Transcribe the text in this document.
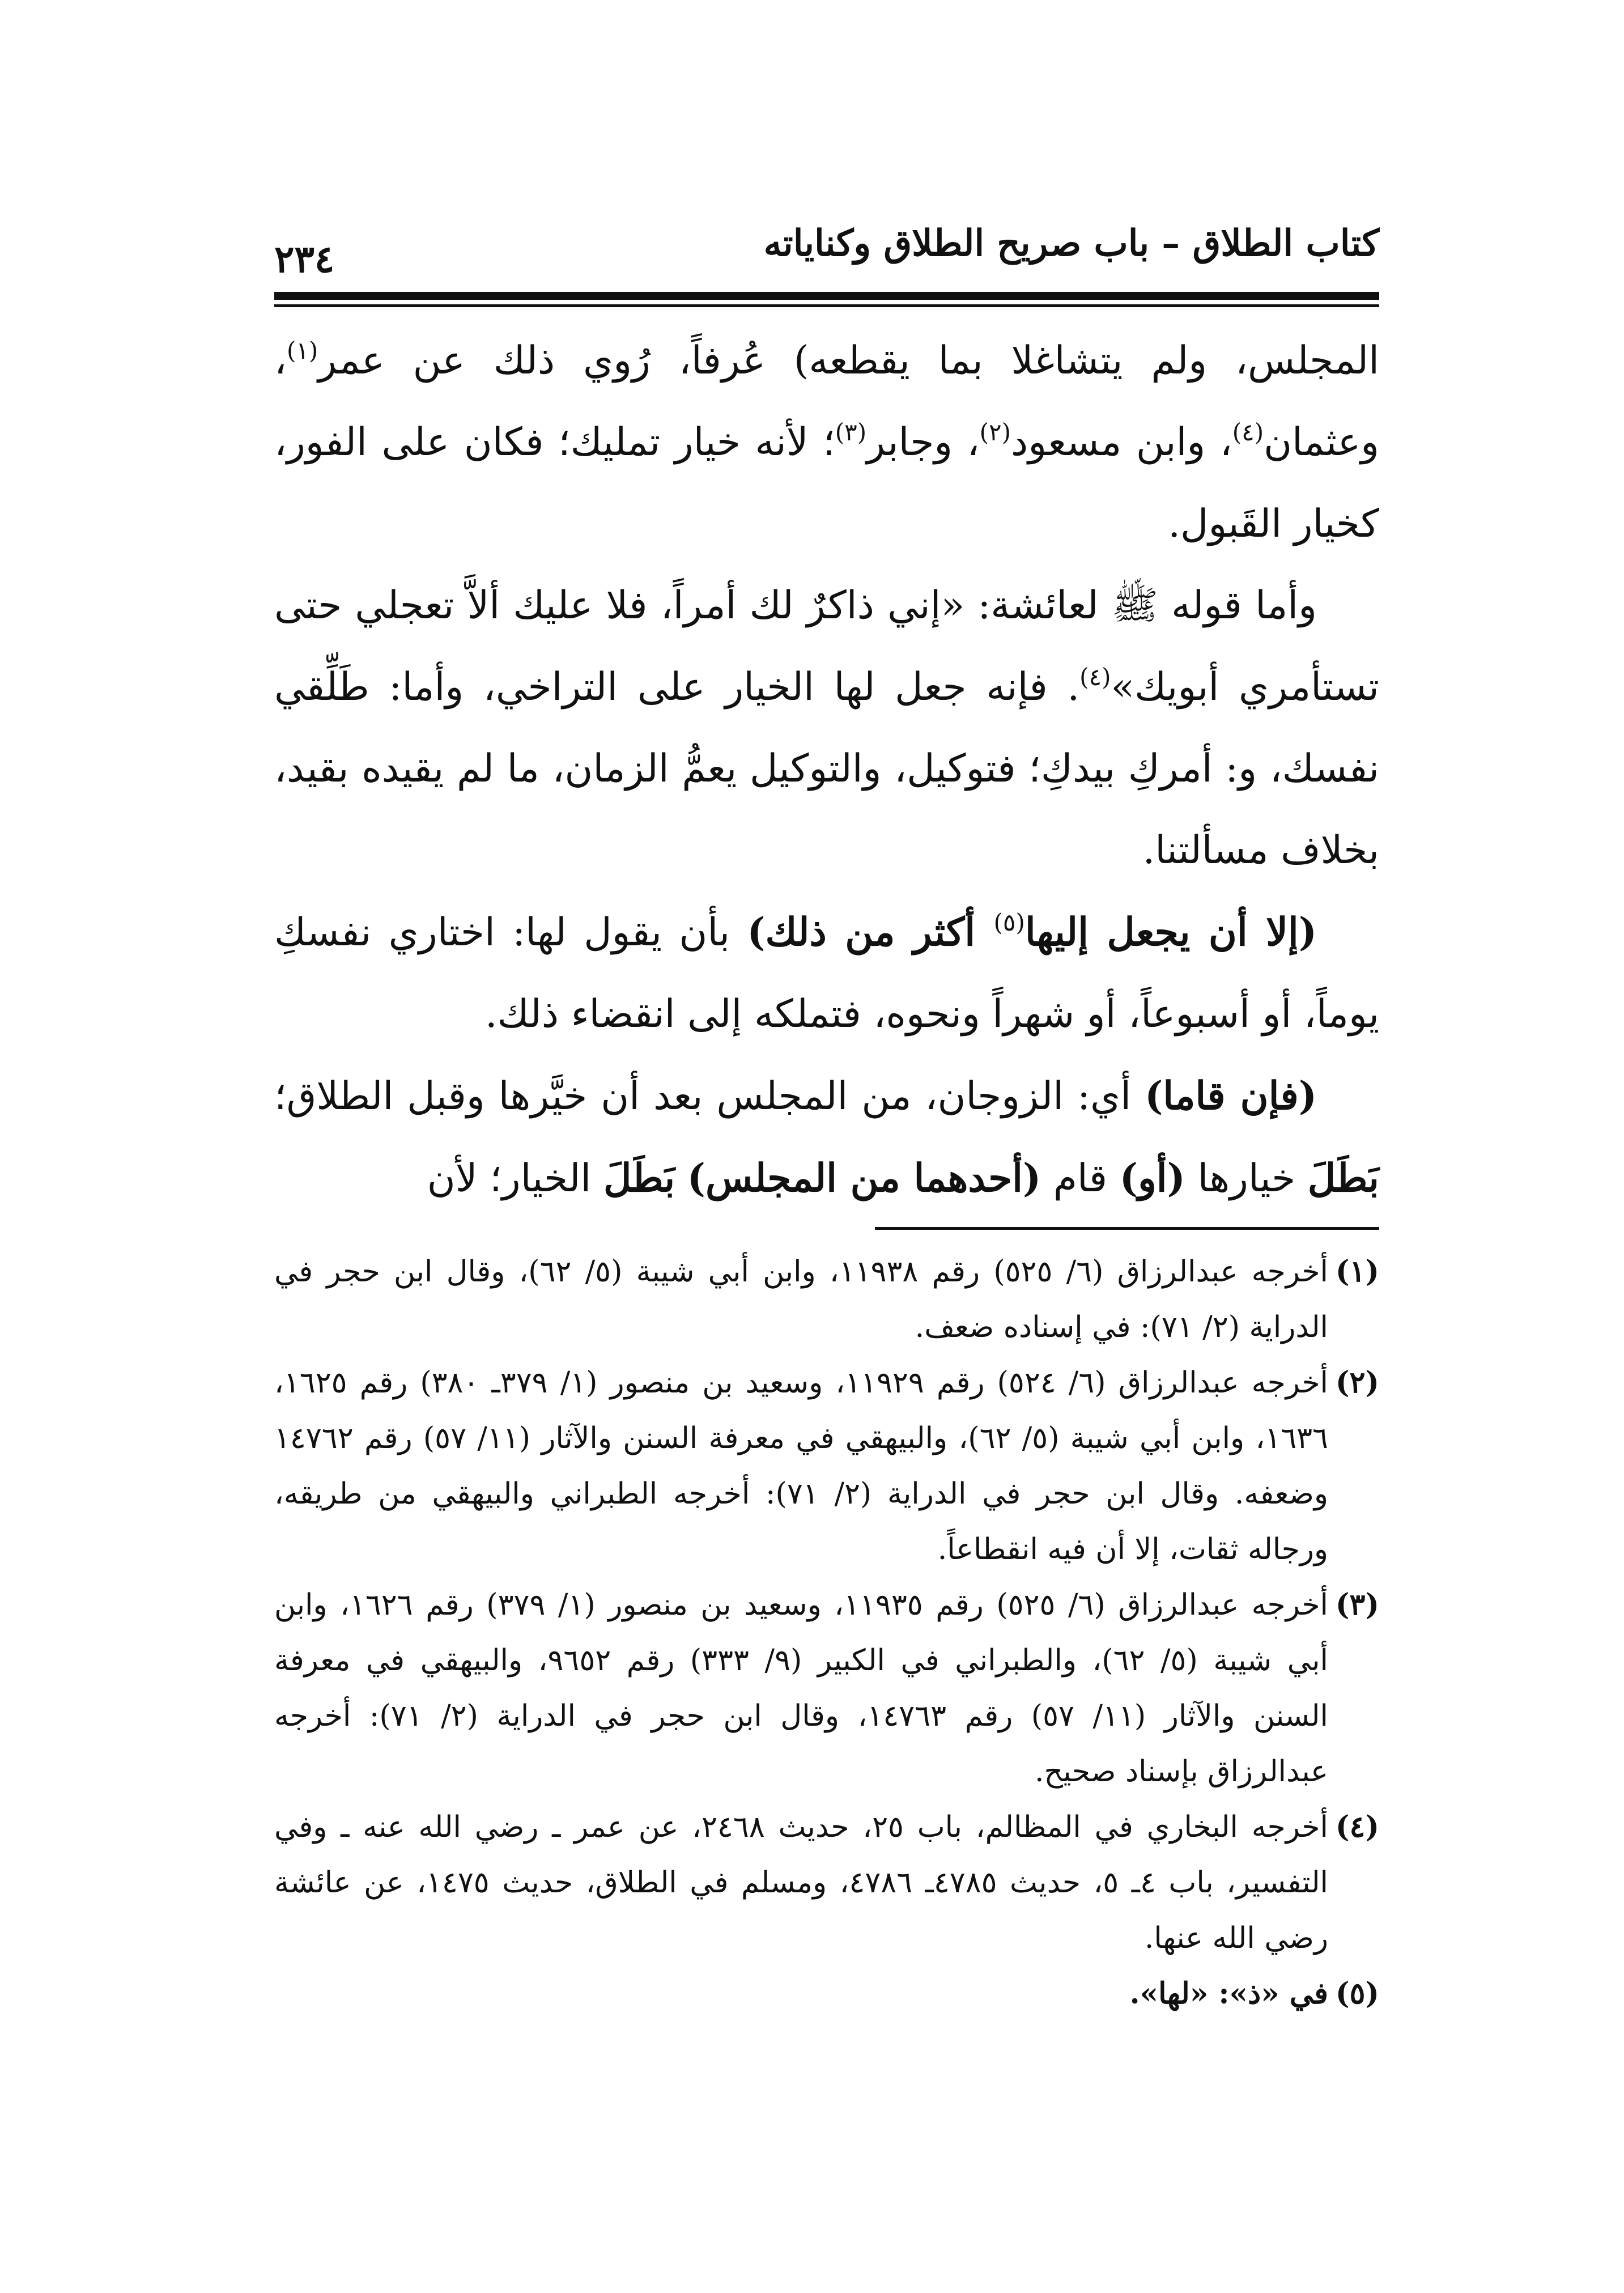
كتاب الطلاق – باب صريح الطلاق وكناياته
٢٣٤

المجلس، ولم يتشاغلا بما يقطعه) عُرفاً، رُوي ذلك عن عمر$^{(١)}$، وعثمان$^{(٤)}$، وابن مسعود$^{(٢)}$، وجابر$^{(٣)}$؛ لأنه خيار تمليك؛ فكان على الفور، كخيار القَبول.

وأما قوله ﷺ لعائشة: «إني ذاكرٌ لك أمراً، فلا عليك ألاَّ تعجلي حتى تستأمري أبويك»$^{(٤)}$. فإنه جعل لها الخيار على التراخي، وأما: طَلِّقي نفسك، و: أمركِ بيدكِ؛ فتوكيل، والتوكيل يعمُّ الزمان، ما لم يقيده بقيد، بخلاف مسألتنا.

(إلا أن يجعل إليها$^{(٥)}$ أكثر من ذلك) بأن يقول لها: اختاري نفسكِ يوماً، أو أسبوعاً، أو شهراً ونحوه، فتملكه إلى انقضاء ذلك.

(فإن قاما) أي: الزوجان، من المجلس بعد أن خيَّرها وقبل الطلاق؛ بَطَلَ خيارها (أو) قام (أحدهما من المجلس) بَطَلَ الخيار؛ لأن

(١)
أخرجه عبدالرزاق (٦/ ٥٢٥) رقم ١١٩٣٨، وابن أبي شيبة (٥/ ٦٢)، وقال ابن حجر في الدراية (٢/ ٧١): في إسناده ضعف.
(٢)
أخرجه عبدالرزاق (٦/ ٥٢٤) رقم ١١٩٢٩، وسعيد بن منصور (١/ ٣٧٩ـ ٣٨٠) رقم ١٦٢٥، ١٦٣٦، وابن أبي شيبة (٥/ ٦٢)، والبيهقي في معرفة السنن والآثار (١١/ ٥٧) رقم ١٤٧٦٢ وضعفه. وقال ابن حجر في الدراية (٢/ ٧١): أخرجه الطبراني والبيهقي من طريقه، ورجاله ثقات، إلا أن فيه انقطاعاً.
(٣)
أخرجه عبدالرزاق (٦/ ٥٢٥) رقم ١١٩٣٥، وسعيد بن منصور (١/ ٣٧٩) رقم ١٦٢٦، وابن أبي شيبة (٥/ ٦٢)، والطبراني في الكبير (٩/ ٣٣٣) رقم ٩٦٥٢، والبيهقي في معرفة السنن والآثار (١١/ ٥٧) رقم ١٤٧٦٣، وقال ابن حجر في الدراية (٢/ ٧١): أخرجه عبدالرزاق بإسناد صحيح.
(٤)
أخرجه البخاري في المظالم، باب ٢٥، حديث ٢٤٦٨، عن عمر ـ رضي الله عنه ـ وفي التفسير، باب ٤ـ ٥، حديث ٤٧٨٥ـ ٤٧٨٦، ومسلم في الطلاق، حديث ١٤٧٥، عن عائشة رضي الله عنها.
(٥)
في «ذ»: «لها».
